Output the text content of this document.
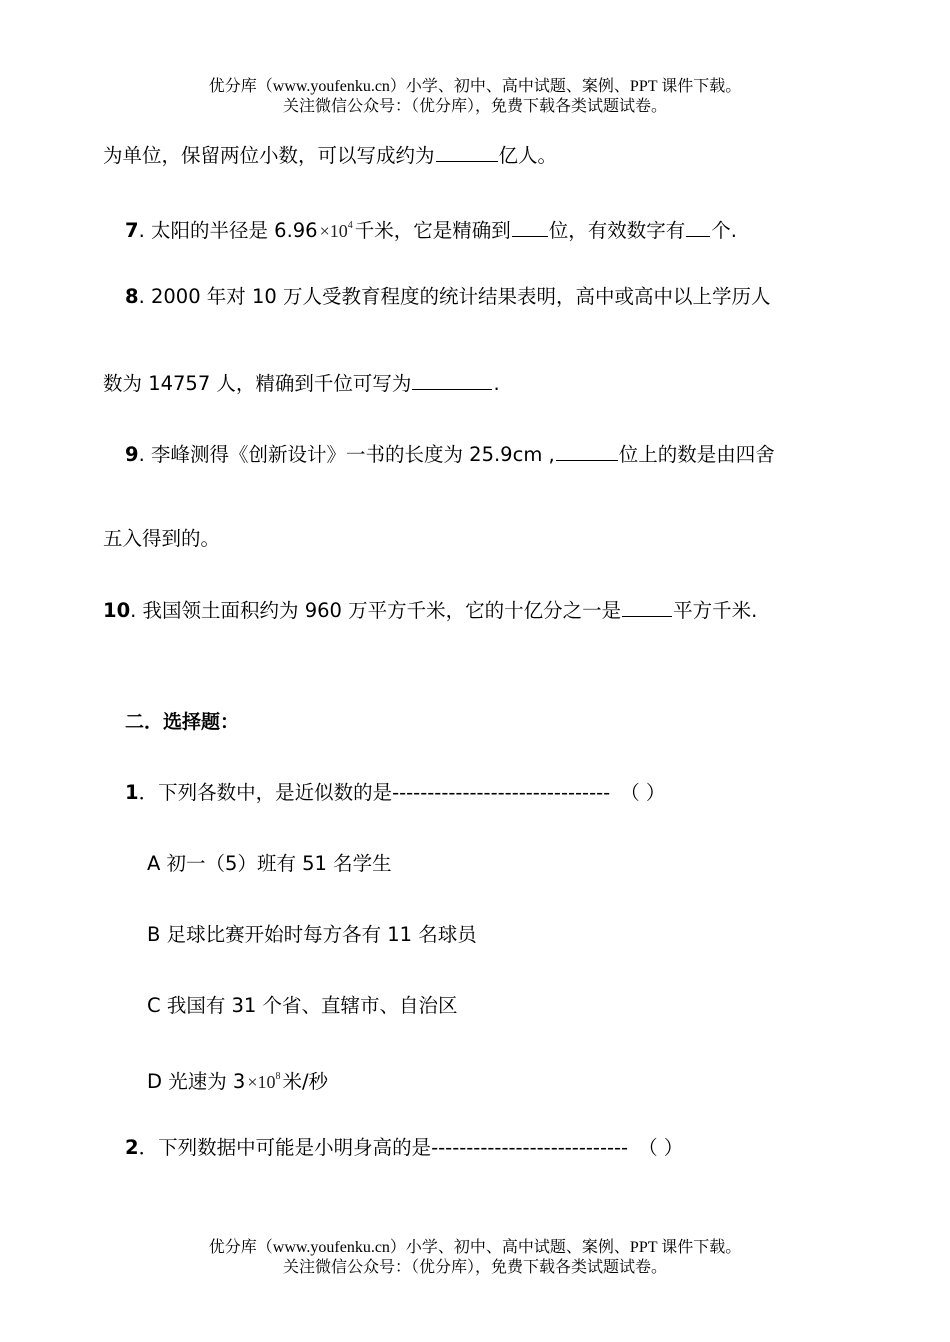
优分库（www.youfenku.cn）小学、初中、高中试题、案例、PPT 课件下载。
关注微信公众号：（优分库），免费下载各类试题试卷。
为单位，保留两位小数，可以写成约为	亿人。
7. 太阳的半径是 $6.96 \times 10^4$ 千米，它是精确到 位，有效数字有 个.
8. 2000 年对 10 万人受教育程度的统计结果表明，高中或高中以上学历人
数为 14757 人，精确到千位可写为	.
9. 李峰测得《创新设计》一书的长度为 25.9cm ,	位上的数是由四舍
五入得到的。
10. 我国领土面积约为 960 万平方千米，它的十亿分之一是	平方千米.
二．选择题：
1．下列各数中，是近似数的是------------------------------- （ ）
A 初一（5）班有 51 名学生
B 足球比赛开始时每方各有 11 名球员
C 我国有 31 个省、直辖市、自治区
D 光速为 $3 \times 10^8$ 米/秒
2．下列数据中可能是小明身高的是---------------------------- （ ）
优分库（www.youfenku.cn）小学、初中、高中试题、案例、PPT 课件下载。
关注微信公众号：（优分库），免费下载各类试题试卷。
